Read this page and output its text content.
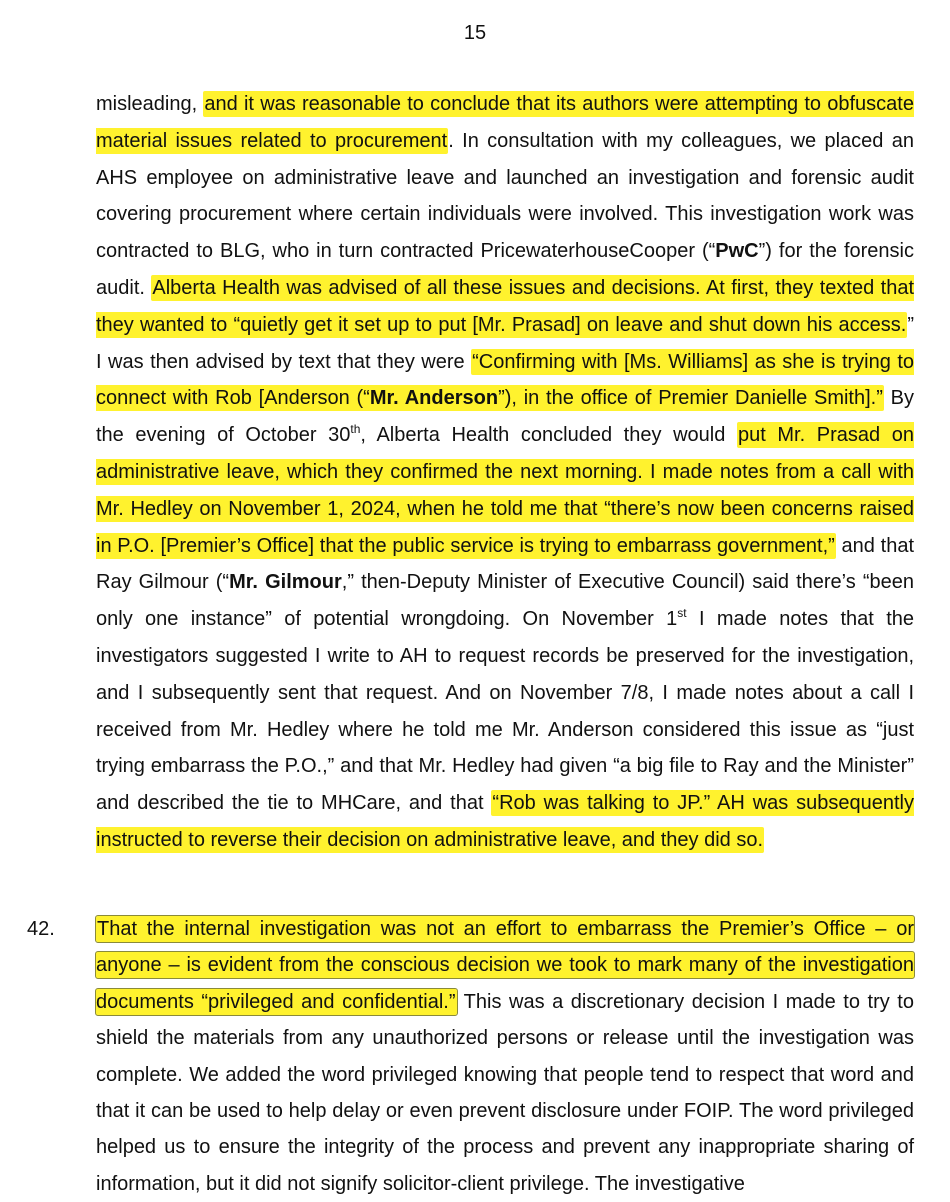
15
misleading, and it was reasonable to conclude that its authors were attempting to obfuscate material issues related to procurement. In consultation with my colleagues, we placed an AHS employee on administrative leave and launched an investigation and forensic audit covering procurement where certain individuals were involved. This investigation work was contracted to BLG, who in turn contracted PricewaterhouseCooper (“PwC”) for the forensic audit. Alberta Health was advised of all these issues and decisions. At first, they texted that they wanted to “quietly get it set up to put [Mr. Prasad] on leave and shut down his access.” I was then advised by text that they were “Confirming with [Ms. Williams] as she is trying to connect with Rob [Anderson (“Mr. Anderson”), in the office of Premier Danielle Smith].” By the evening of October 30th, Alberta Health concluded they would put Mr. Prasad on administrative leave, which they confirmed the next morning. I made notes from a call with Mr. Hedley on November 1, 2024, when he told me that “there’s now been concerns raised in P.O. [Premier’s Office] that the public service is trying to embarrass government,” and that Ray Gilmour (“Mr. Gilmour,” then-Deputy Minister of Executive Council) said there’s “been only one instance” of potential wrongdoing. On November 1st I made notes that the investigators suggested I write to AH to request records be preserved for the investigation, and I subsequently sent that request. And on November 7/8, I made notes about a call I received from Mr. Hedley where he told me Mr. Anderson considered this issue as “just trying embarrass the P.O.,” and that Mr. Hedley had given “a big file to Ray and the Minister” and described the tie to MHCare, and that “Rob was talking to JP.” AH was subsequently instructed to reverse their decision on administrative leave, and they did so.
42. That the internal investigation was not an effort to embarrass the Premier’s Office – or anyone – is evident from the conscious decision we took to mark many of the investigation documents “privileged and confidential.” This was a discretionary decision I made to try to shield the materials from any unauthorized persons or release until the investigation was complete. We added the word privileged knowing that people tend to respect that word and that it can be used to help delay or even prevent disclosure under FOIP. The word privileged helped us to ensure the integrity of the process and prevent any inappropriate sharing of information, but it did not signify solicitor-client privilege. The investigative
